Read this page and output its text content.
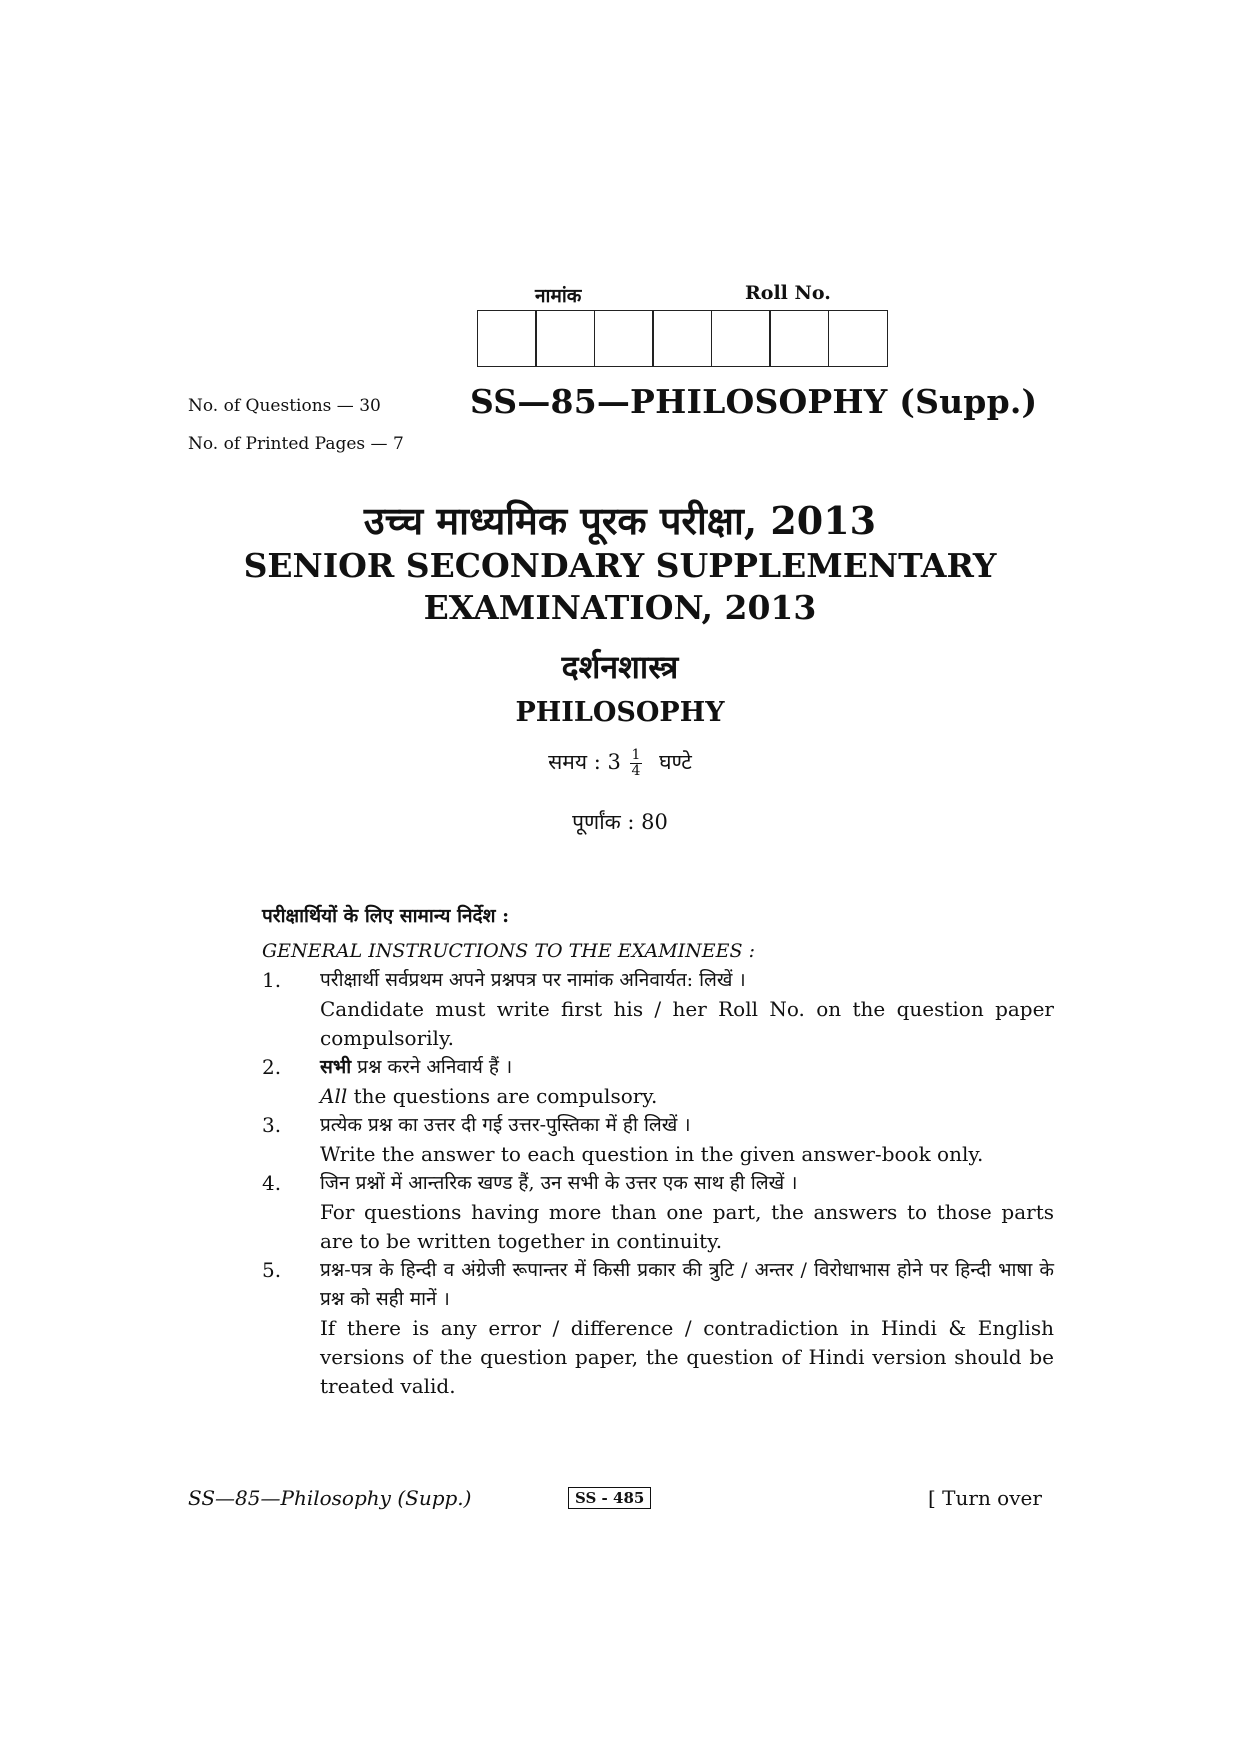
नामांक	Roll No.
No. of Questions — 30
No. of Printed Pages — 7
SS—85—PHILOSOPHY (Supp.)
उच्च माध्यमिक पूरक परीक्षा, 2013
SENIOR SECONDARY SUPPLEMENTARY
EXAMINATION, 2013
दर्शनशास्त्र
PHILOSOPHY
समय : $3 \frac{1}{4}$ घण्टे
पूर्णांक : 80
परीक्षार्थियों के लिए सामान्य निर्देश :
GENERAL INSTRUCTIONS TO THE EXAMINEES :
1.	परीक्षार्थी सर्वप्रथम अपने प्रश्नपत्र पर नामांक अनिवार्यत: लिखें ।

Candidate must write first his / her Roll No. on the question paper compulsorily.

2.	सभी प्रश्न करने अनिवार्य हैं ।

All the questions are compulsory.

3.	प्रत्येक प्रश्न का उत्तर दी गई उत्तर-पुस्तिका में ही लिखें ।

Write the answer to each question in the given answer-book only.

4.	जिन प्रश्नों में आन्तरिक खण्ड हैं, उन सभी के उत्तर एक साथ ही लिखें ।

For questions having more than one part, the answers to those parts are to be written together in continuity.

5.	प्रश्न-पत्र के हिन्दी व अंग्रेजी रूपान्तर में किसी प्रकार की त्रुटि / अन्तर / विरोधाभास होने पर हिन्दी भाषा के प्रश्न को सही मानें ।

If there is any error / difference / contradiction in Hindi & English versions of the question paper, the question of Hindi version should be treated valid.

SS—85—Philosophy (Supp.)	SS - 485	[ Turn over
